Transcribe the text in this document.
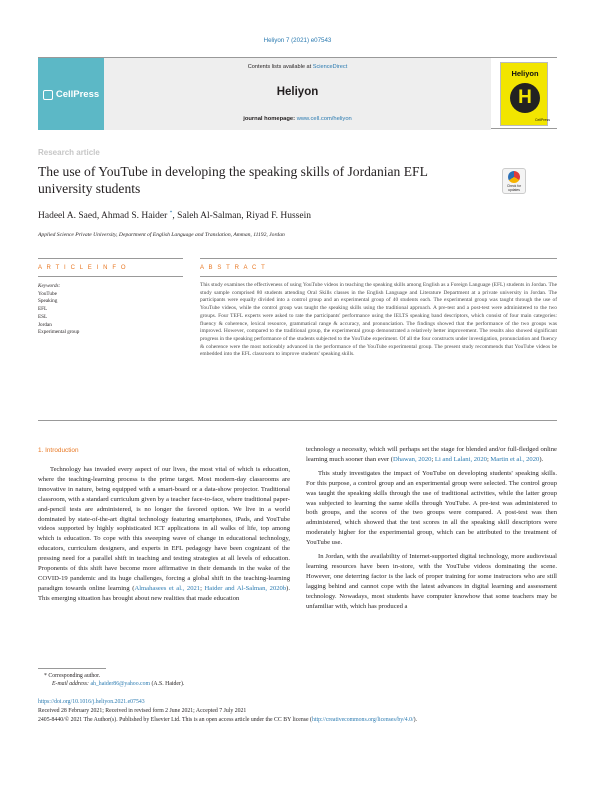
Heliyon 7 (2021) e07543
CellPress
Contents lists available at ScienceDirect
Heliyon
journal homepage: www.cell.com/heliyon
Heliyon
H
CellPress
Research article
The use of YouTube in developing the speaking skills of Jordanian EFL university students	Check for updates
Hadeel A. Saed, Ahmad S. Haider *, Saleh Al-Salman, Riyad F. Hussein
Applied Science Private University, Department of English Language and Translation, Amman, 11192, Jordan
A R T I C L E I N F O	A B S T R A C T
Keywords:
YouTube
Speaking
EFL
ESL
Jordan
Experimental group
This study examines the effectiveness of using YouTube videos in teaching the speaking skills among English as a Foreign Language (EFL) students in Jordan. The study sample comprised 80 students attending Oral Skills classes in the English Language and Literature Department at a private university in Jordan. The participants were equally divided into a control group and an experimental group of 40 students each. The experimental group was taught through the use of YouTube videos, while the control group was taught the speaking skills using the traditional approach. A pre-test and a post-test were administered to the two groups. Four TEFL experts were asked to rate the participants' performance using the IELTS speaking band descriptors, which consist of four main categories: fluency & coherence, lexical resource, grammatical range & accuracy, and pronunciation. The findings showed that the performance of the two groups was improved. However, compared to the traditional group, the experimental group demonstrated a relatively better improvement. The results also showed significant progress in the speaking performance of the students subjected to the YouTube experiment. Of all the four constructs under investigation, pronunciation and fluency & coherence were the most noticeably advanced in the performance of the YouTube experimental group. The present study recommends that YouTube videos be embedded into the EFL classroom to improve students' speaking skills.
1. Introduction

Technology has invaded every aspect of our lives, the most vital of which is education, where the teaching-learning process is the prime target. Most modern-day classrooms are innovative in nature, being equipped with a smart-board or a data-show projector. Traditional classroom, with a standard curriculum given by a teacher face-to-face, where traditional paper-and-pencil tests are administered, is no longer the favored option. We live in a world dominated by state-of-the-art digital technology featuring smartphones, iPads, and YouTube videos supported by highly sophisticated ICT applications in all walks of life, top among which is education. To cope with this sweeping wave of change in educational technology, educators, curriculum designers, and experts in EFL pedagogy have been cognizant of the pressing need for a parallel shift in teaching and testing strategies at all levels of education. Proponents of this shift have become more affirmative in their demands in the wake of the COVID-19 pandemic and its huge challenges, forcing a global shift in the teaching-learning paradigm towards online learning (Almahasees et al., 2021; Haider and Al-Salman, 2020b). This emerging situation has brought about new realities that made education

technology a necessity, which will perhaps set the stage for blended and/or full-fledged online learning much sooner than ever (Dhawan, 2020; Li and Lalani, 2020; Martin et al., 2020).

This study investigates the impact of YouTube on developing students' speaking skills. For this purpose, a control group and an experimental group were selected. The control group was taught the speaking skills through the use of traditional activities, while the latter group was subjected to learning the same skills through YouTube. A pre-test was administered to both groups, and the scores of the two groups were compared. A post-test was then administered, which showed that the test scores in all the speaking skill descriptors were moderately higher for the experimental group, which can be attributed to the treatment of YouTube use.

In Jordan, with the availability of Internet-supported digital technology, more audiovisual learning resources have been in-store, with the YouTube videos dominating the scene. However, one deterring factor is the lack of proper training for some instructors who are still lagging behind and cannot cope with the latest advances in digital learning and assessment technology. Nowadays, most students have computer knowhow that some teachers may be unfamiliar with, which has produced a

* Corresponding author.
E-mail address: ah_haider86@yahoo.com (A.S. Haider).
https://doi.org/10.1016/j.heliyon.2021.e07543
Received 28 February 2021; Received in revised form 2 June 2021; Accepted 7 July 2021
2405-8440/© 2021 The Author(s). Published by Elsevier Ltd. This is an open access article under the CC BY license (http://creativecommons.org/licenses/by/4.0/).
